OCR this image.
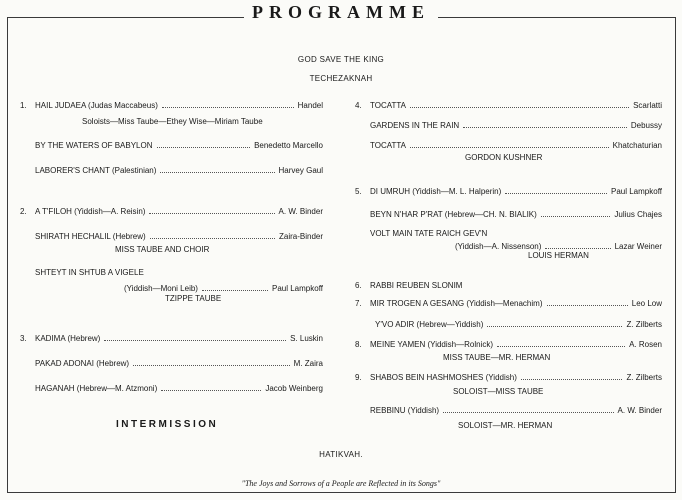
PROGRAMME
GOD SAVE THE KING
TECHEZAKNAH
1.	HAIL JUDAEA (Judas Maccabeus)	Handel
Soloists—Miss Taube—Ethey Wise—Miriam Taube
BY THE WATERS OF BABYLON	Benedetto Marcello
LABORER'S CHANT (Palestinian)	Harvey Gaul
2.	A T'FILOH (Yiddish—A. Reisin)	A. W. Binder
SHIRATH HECHALIL (Hebrew)	Zaira-Binder
MISS TAUBE AND CHOIR
SHTEYT IN SHTUB A VIGELE
(Yiddish—Moni Leib)	Paul Lampkoff
TZIPPE TAUBE
3.	KADIMA (Hebrew)	S. Luskin
PAKAD ADONAI (Hebrew)	M. Zaira
HAGANAH (Hebrew—M. Atzmoni)	Jacob Weinberg
INTERMISSION
4.	TOCATTA	Scarlatti
GARDENS IN THE RAIN	Debussy
TOCATTA	Khatchaturian
GORDON KUSHNER
5.	DI UMRUH (Yiddish—M. L. Halperin)	Paul Lampkoff
BEYN N'HAR P'RAT (Hebrew—CH. N. BIALIK)	Julius Chajes
VOLT MAIN TATE RAICH GEV'N
(Yiddish—A. Nissenson)	Lazar Weiner
LOUIS HERMAN
6.	RABBI REUBEN SLONIM
7.	MIR TROGEN A GESANG (Yiddish—Menachim)	Leo Low
Y'VO ADIR (Hebrew—Yiddish)	Z. Zilberts
8.	MEINE YAMEN (Yiddish—Rolnick)	A. Rosen
MISS TAUBE—MR. HERMAN
9.	SHABOS BEIN HASHMOSHES (Yiddish)	Z. Zilberts
SOLOIST—MISS TAUBE
REBBINU (Yiddish)	A. W. Binder
SOLOIST—MR. HERMAN
HATIKVAH.
"The Joys and Sorrows of a People are Reflected in its Songs"
